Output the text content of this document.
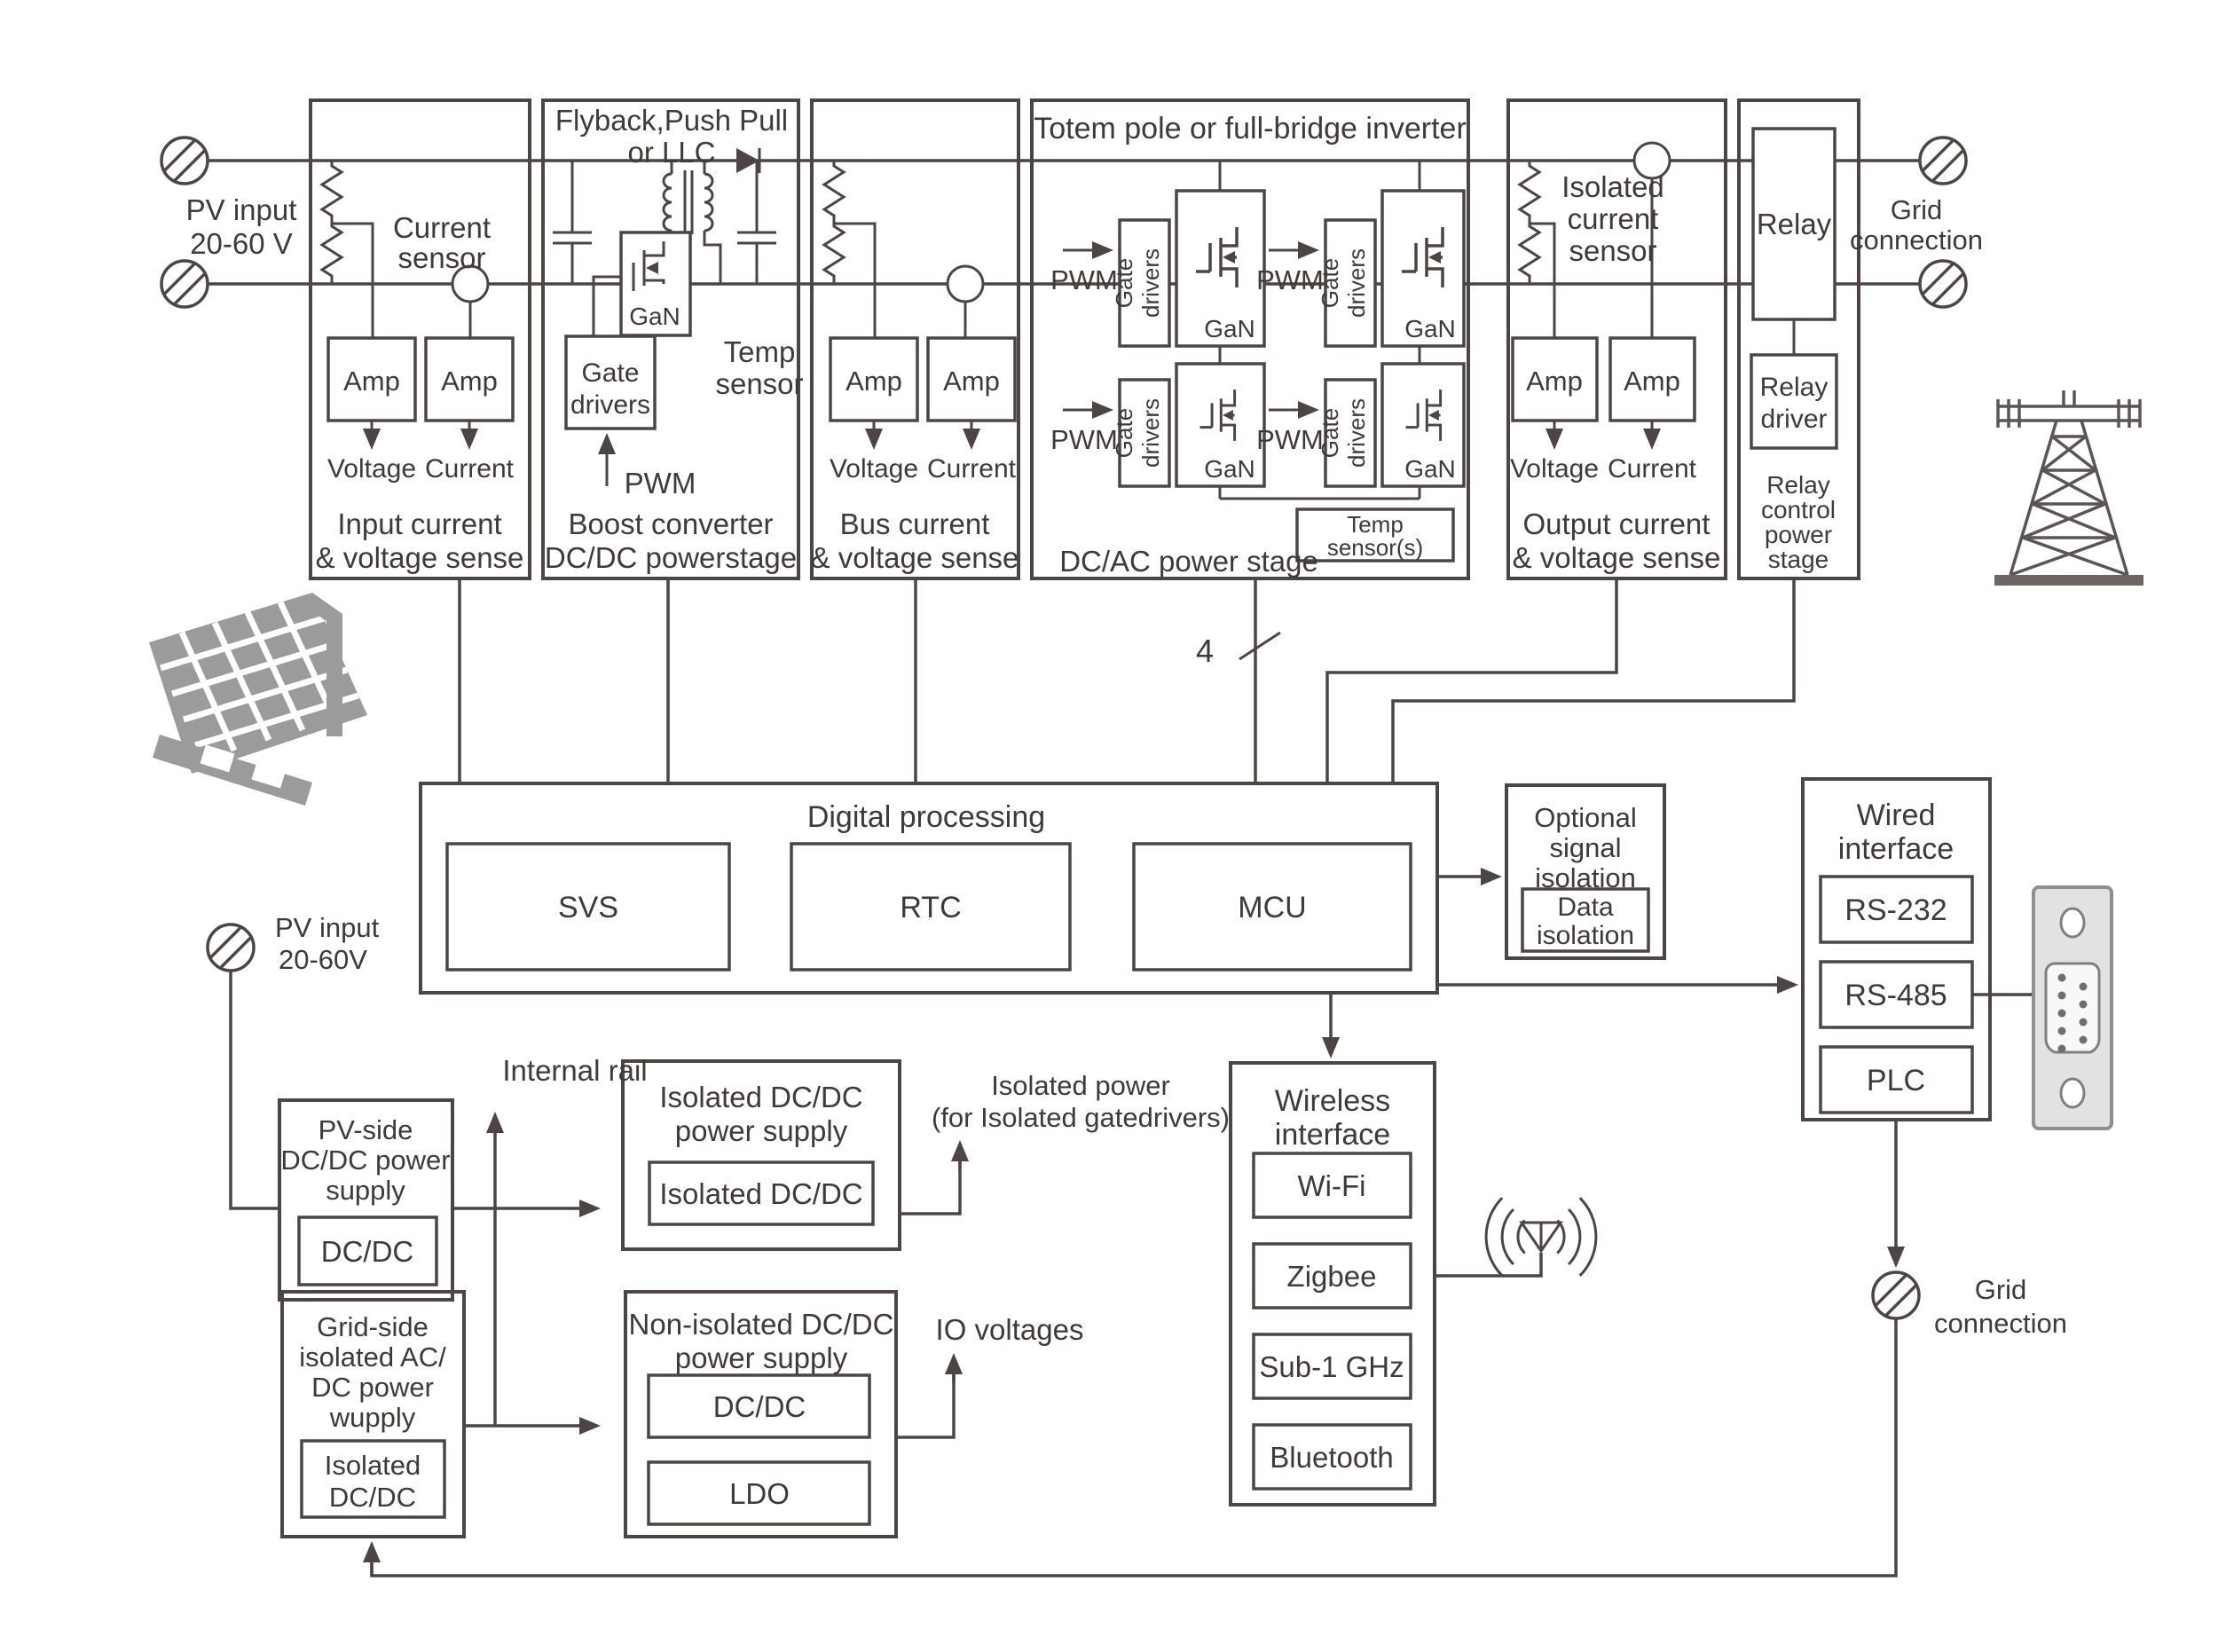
PV input
20-60 V
Grid
connection
Current
sensor
Amp Amp
Voltage Current
Input current
& voltage sense
Flyback,Push Pull
or LLC
GaN
Gate
drivers
PWM
Temp
sensor
Boost converter
DC/DC powerstage
Amp Amp
Voltage Current
Bus current
& voltage sense
Totem pole or full-bridge inverter
PWM	PWM
PWM	PWM
Gate drivers	Gate drivers
Gate drivers	Gate drivers
GaN	GaN
GaN	GaN
Temp
sensor(s)
DC/AC power stage
4
Isolated
current
sensor
Amp Amp
Voltage Current
Output current
& voltage sense
Relay
Relay
driver
Relay
control
power
stage
Digital processing
SVS	RTC	MCU
Optional
signal
isolation
Data
isolation
Wired
interface
RS-232
RS-485
PLC
Wireless
interface
Wi-Fi
Zigbee
Sub-1 GHz
Bluetooth
PV input
20-60V
Internal rail
PV-side
DC/DC power
supply
DC/DC
Isolated DC/DC
power supply
Isolated DC/DC
Isolated power
(for Isolated gatedrivers)
Grid-side
isolated AC/
DC power
wupply
Isolated
DC/DC
Non-isolated DC/DC
power supply
DC/DC
LDO
IO voltages
Grid
connection
